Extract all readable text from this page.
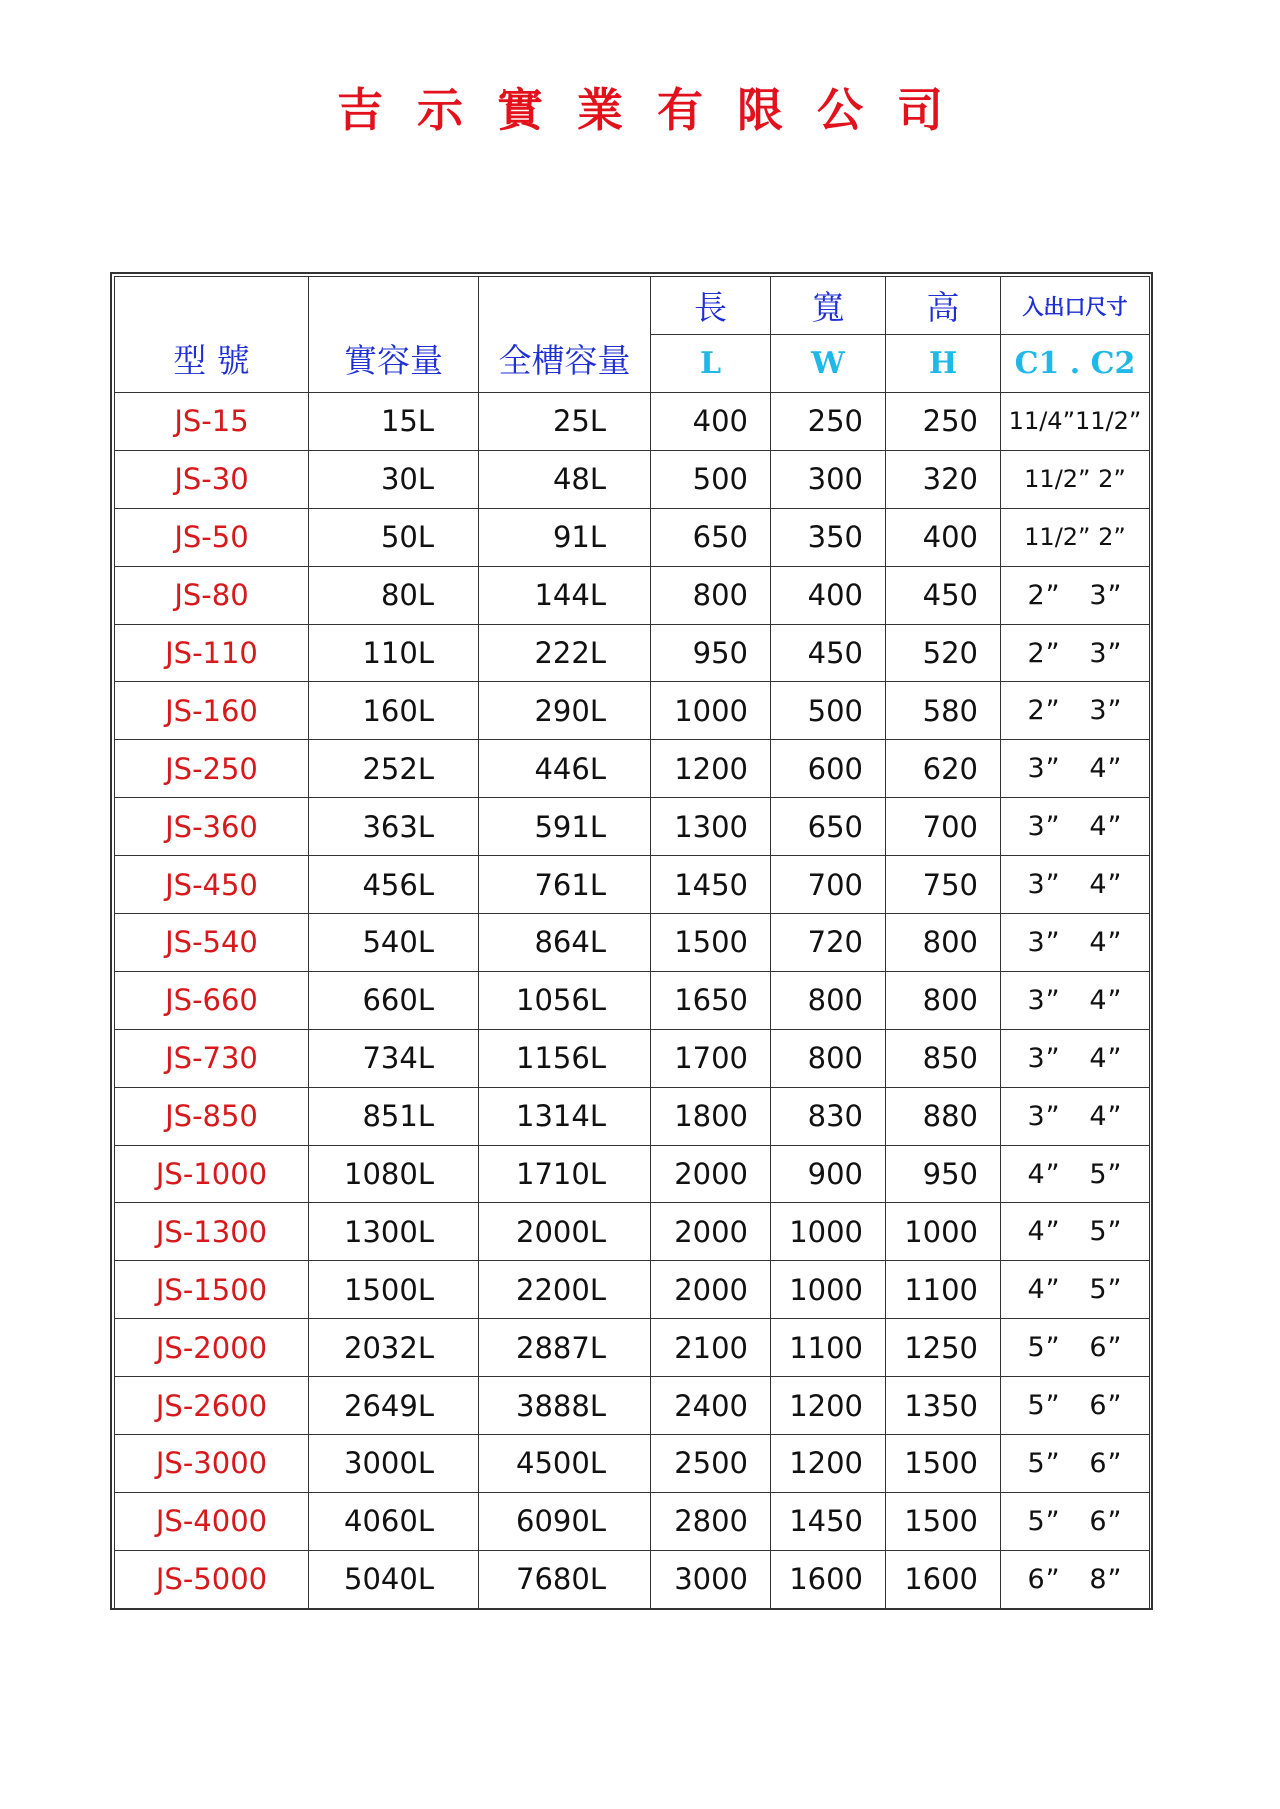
吉示實業有限公司
型 號	實容量	全槽容量	長	寬	高	入出口尺寸
			L	W	H	C1 . C2
JS-15	15L	25L	400	250	250	11/4”11/2”
JS-30	30L	48L	500	300	320	11/2” 2”
JS-50	50L	91L	650	350	400	11/2” 2”
JS-80	80L	144L	800	400	450	2”   3”
JS-110	110L	222L	950	450	520	2”   3”
JS-160	160L	290L	1000	500	580	2”   3”
JS-250	252L	446L	1200	600	620	3”   4”
JS-360	363L	591L	1300	650	700	3”   4”
JS-450	456L	761L	1450	700	750	3”   4”
JS-540	540L	864L	1500	720	800	3”   4”
JS-660	660L	1056L	1650	800	800	3”   4”
JS-730	734L	1156L	1700	800	850	3”   4”
JS-850	851L	1314L	1800	830	880	3”   4”
JS-1000	1080L	1710L	2000	900	950	4”   5”
JS-1300	1300L	2000L	2000	1000	1000	4”   5”
JS-1500	1500L	2200L	2000	1000	1100	4”   5”
JS-2000	2032L	2887L	2100	1100	1250	5”   6”
JS-2600	2649L	3888L	2400	1200	1350	5”   6”
JS-3000	3000L	4500L	2500	1200	1500	5”   6”
JS-4000	4060L	6090L	2800	1450	1500	5”   6”
JS-5000	5040L	7680L	3000	1600	1600	6”   8”
